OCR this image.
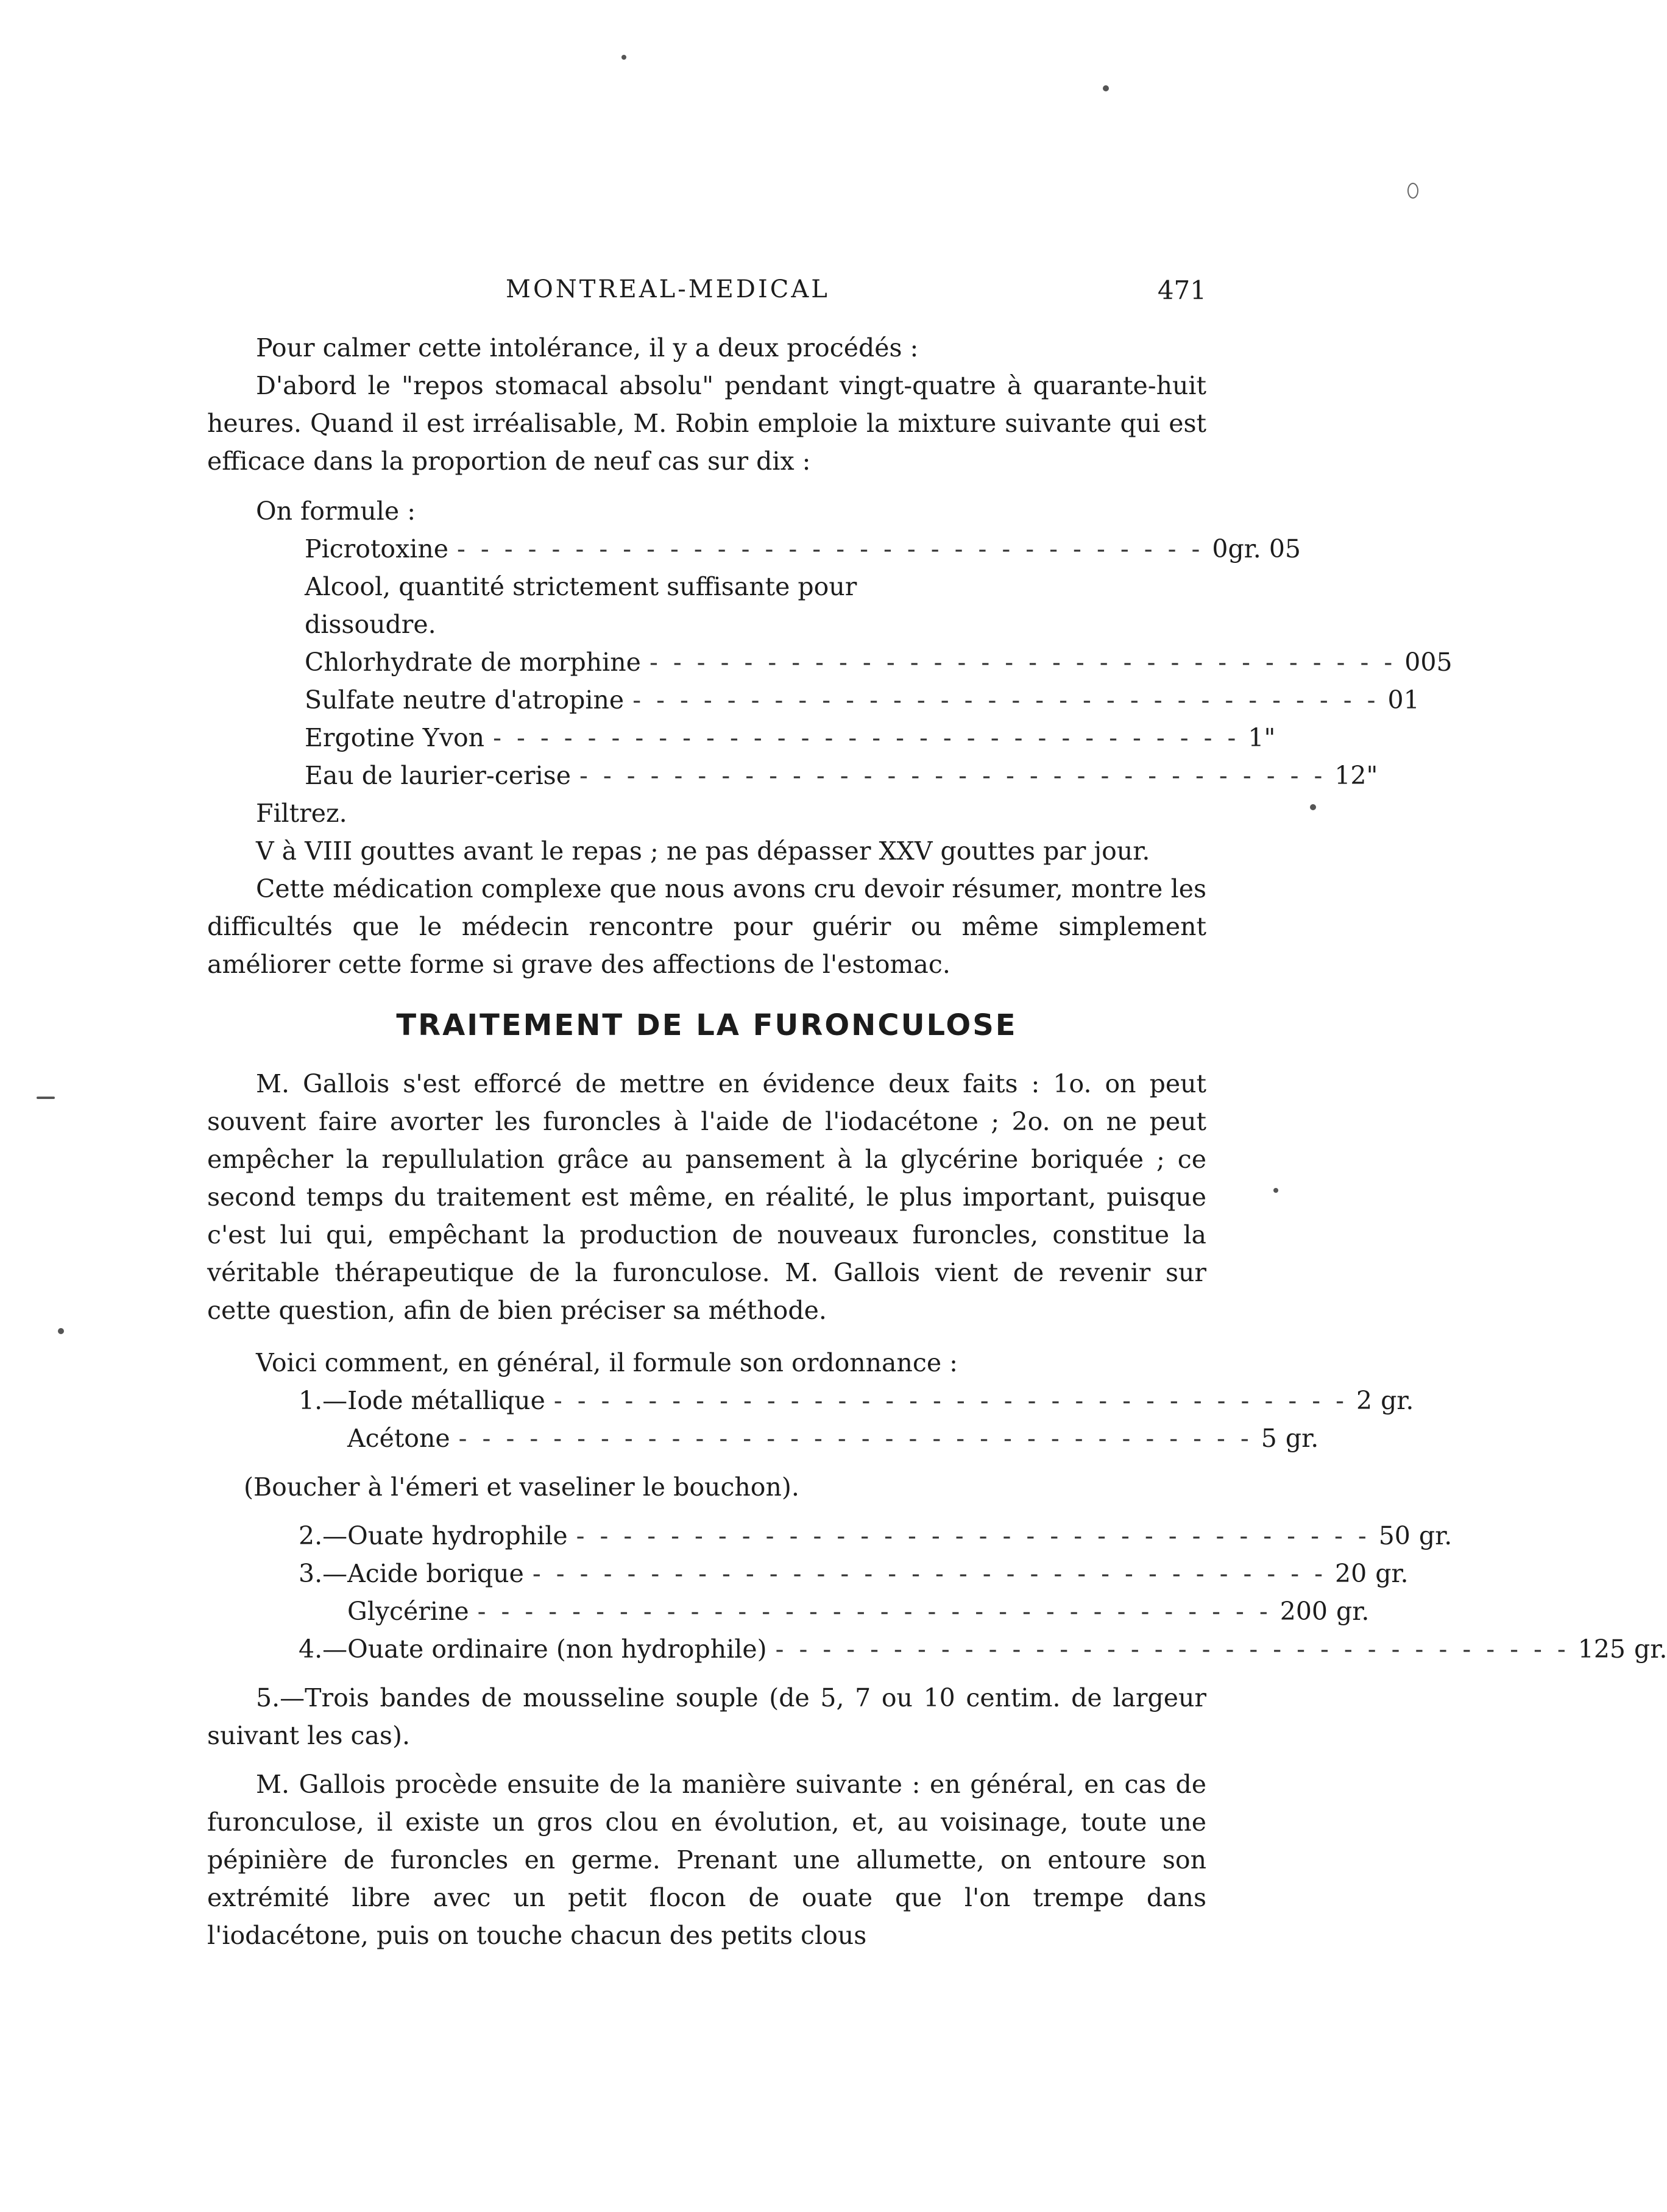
MONTREAL-MEDICAL	471

Pour calmer cette intolérance, il y a deux procédés :

D'abord le "repos stomacal absolu" pendant vingt-quatre à quarante-huit heures. Quand il est irréalisable, M. Robin emploie la mixture suivante qui est efficace dans la proportion de neuf cas sur dix :

On formule :

Picrotoxine - - - - - - - - - - - - - - - - - - - - - - - - - - - - - - - - 0 gr. 05
Alcool, quantité strictement suffisante pour dissoudre.
Chlorhydrate de morphine - - - - - - - - - - - - - - - - - - - - - - - - - - - - - - - - 0 05
Sulfate neutre d'atropine - - - - - - - - - - - - - - - - - - - - - - - - - - - - - - - - 01
Ergotine Yvon - - - - - - - - - - - - - - - - - - - - - - - - - - - - - - - - 1 "
Eau de laurier-cerise - - - - - - - - - - - - - - - - - - - - - - - - - - - - - - - - 12 "

Filtrez.

V à VIII gouttes avant le repas ; ne pas dépasser XXV gouttes par jour.

Cette médication complexe que nous avons cru devoir résumer, montre les difficultés que le médecin rencontre pour guérir ou même simplement améliorer cette forme si grave des affections de l'estomac.

TRAITEMENT DE LA FURONCULOSE

M. Gallois s'est efforcé de mettre en évidence deux faits : 1o. on peut souvent faire avorter les furoncles à l'aide de l'iodacétone ; 2o. on ne peut empêcher la repullulation grâce au pansement à la glycérine boriquée ; ce second temps du traitement est même, en réalité, le plus important, puisque c'est lui qui, empêchant la production de nouveaux furoncles, constitue la véritable thérapeutique de la furonculose. M. Gallois vient de revenir sur cette question, afin de bien préciser sa méthode.

Voici comment, en général, il formule son ordonnance :

1.—Iode métallique - - - - - - - - - - - - - - - - - - - - - - - - - - - - - - - - - - 2 gr.
Acétone - - - - - - - - - - - - - - - - - - - - - - - - - - - - - - - - - - 5 gr.

(Boucher à l'émeri et vaseliner le bouchon).

2.—Ouate hydrophile - - - - - - - - - - - - - - - - - - - - - - - - - - - - - - - - - - 50 gr.
3.—Acide borique - - - - - - - - - - - - - - - - - - - - - - - - - - - - - - - - - - 20 gr.
Glycérine - - - - - - - - - - - - - - - - - - - - - - - - - - - - - - - - - - 200 gr.
4.—Ouate ordinaire (non hydrophile) - - - - - - - - - - - - - - - - - - - - - - - - - - - - - - - - - - 125 gr.

5.—Trois bandes de mousseline souple (de 5, 7 ou 10 centim. de largeur suivant les cas).

M. Gallois procède ensuite de la manière suivante : en général, en cas de furonculose, il existe un gros clou en évolution, et, au voisinage, toute une pépinière de furoncles en germe. Prenant une allumette, on entoure son extrémité libre avec un petit flocon de ouate que l'on trempe dans l'iodacétone, puis on touche chacun des petits clous
